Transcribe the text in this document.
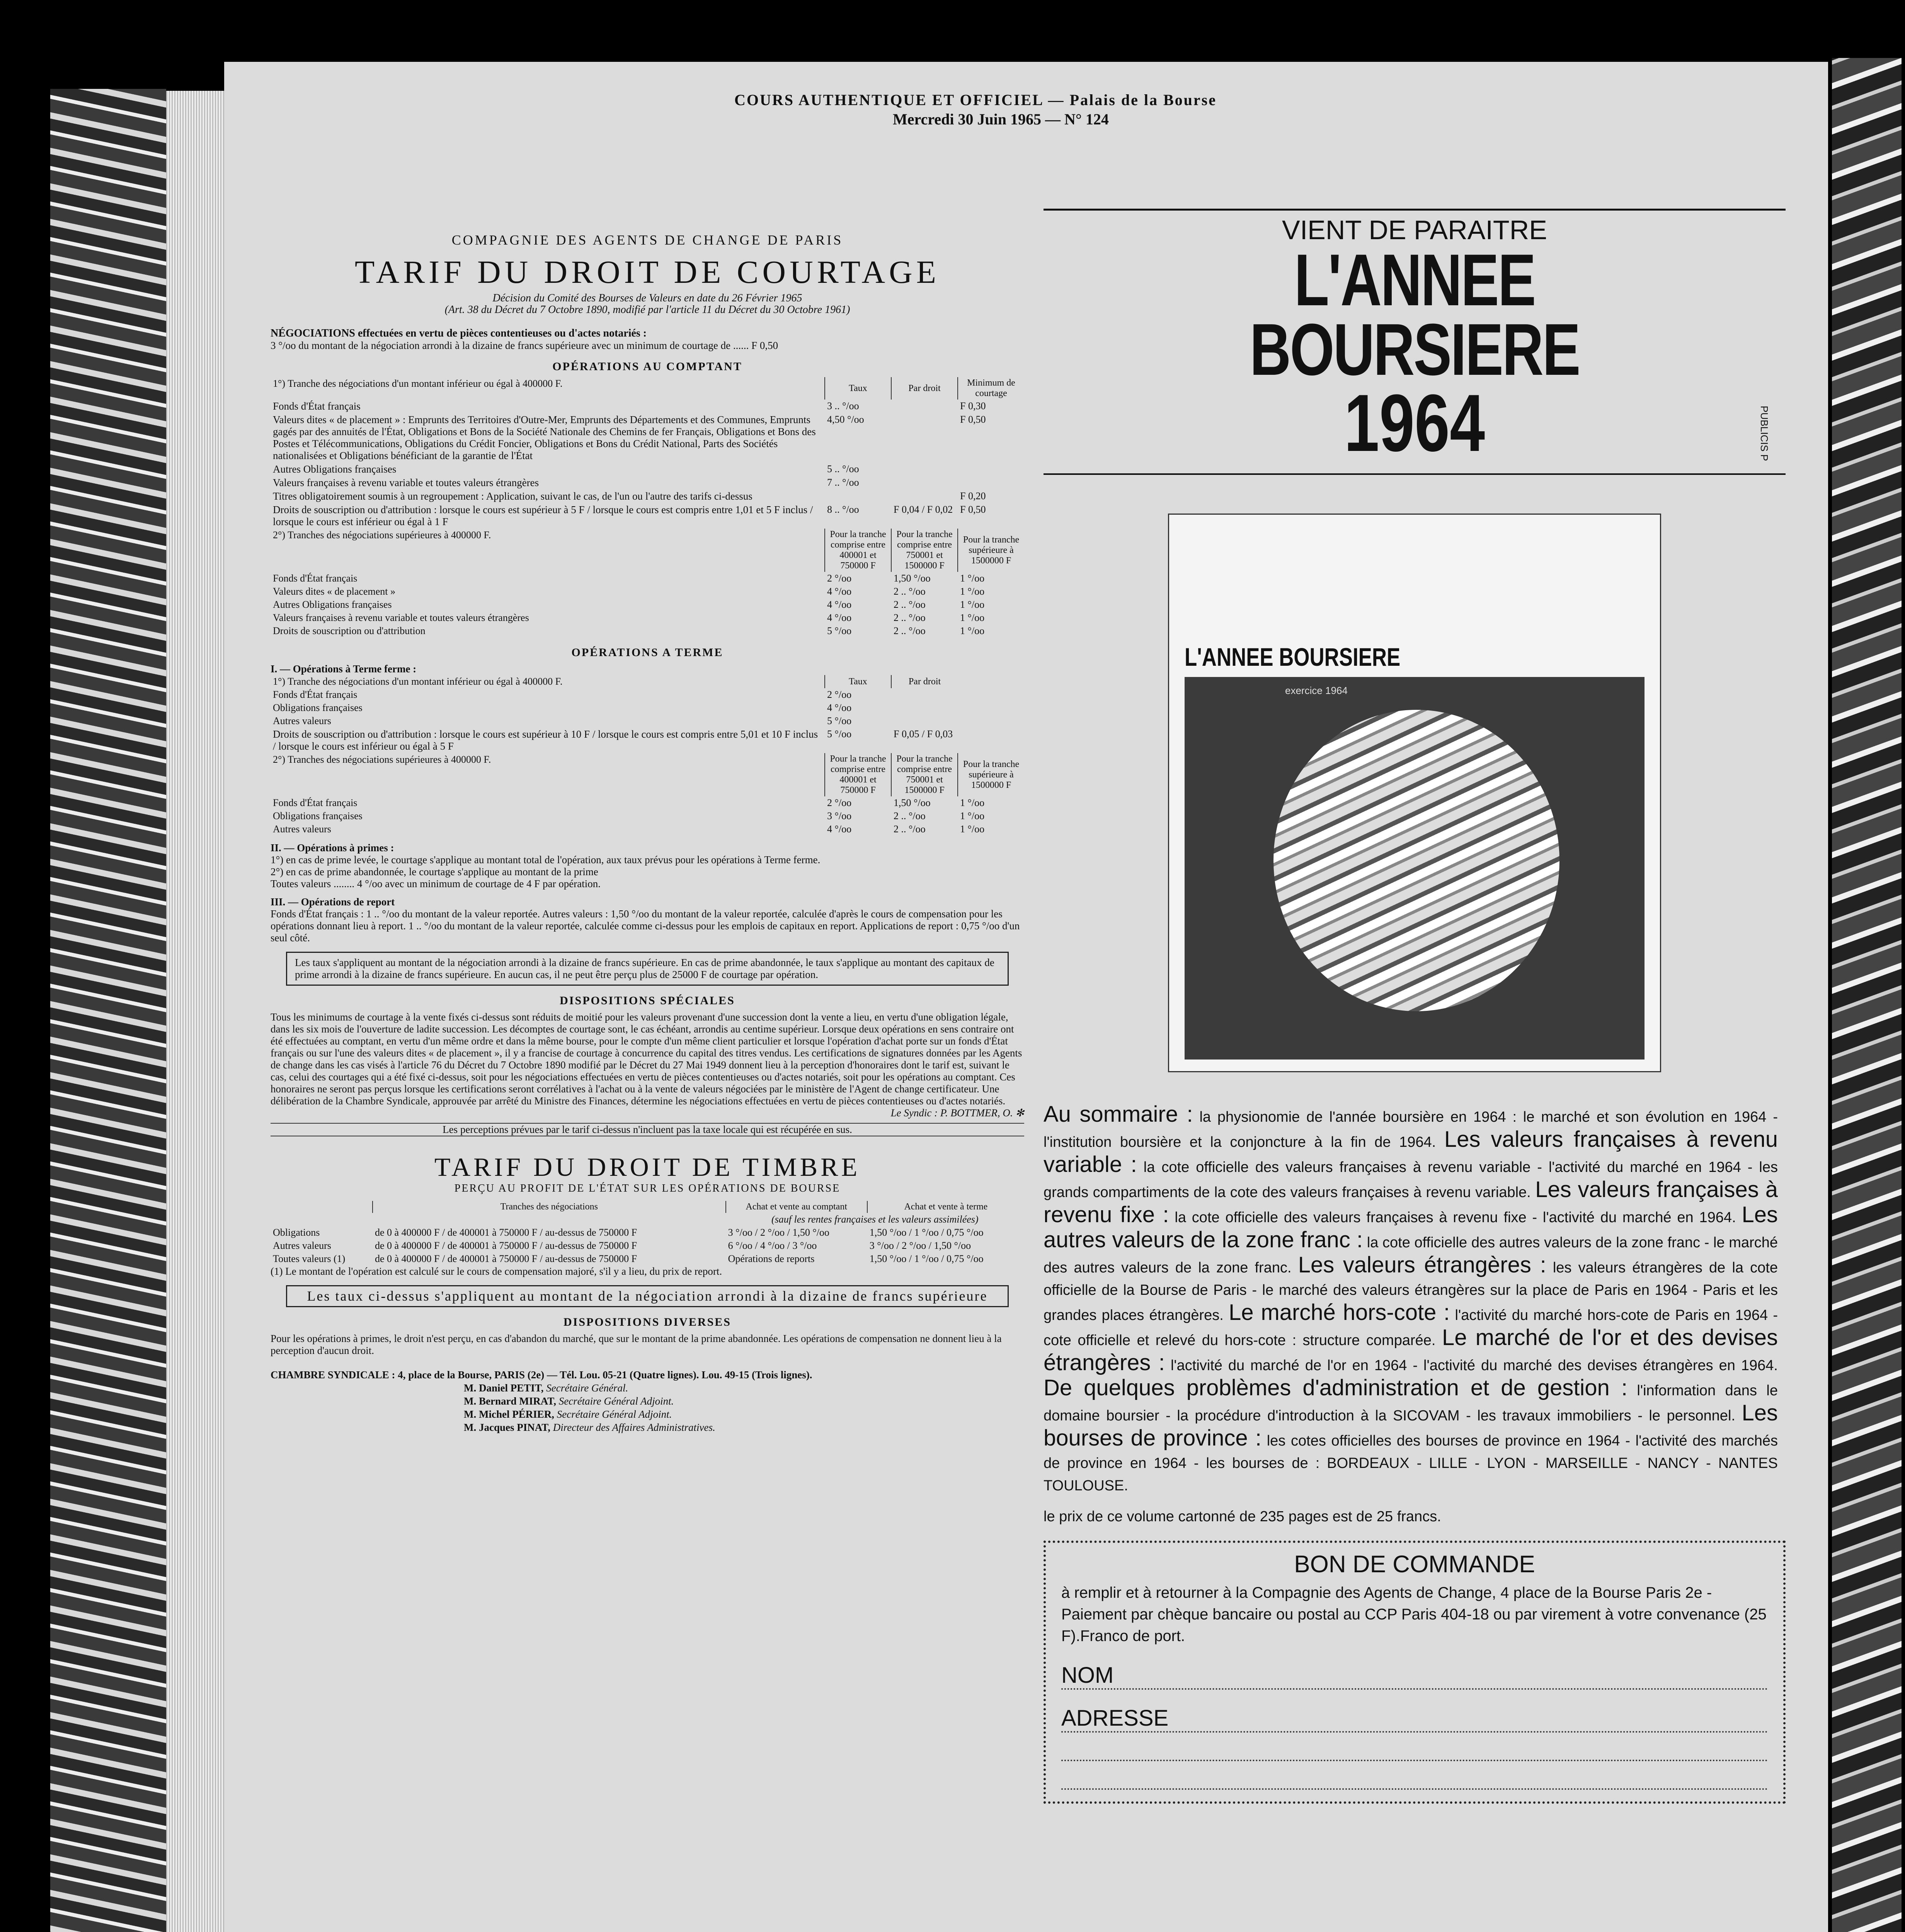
COURS AUTHENTIQUE ET OFFICIEL — Palais de la Bourse
Mercredi 30 Juin 1965 — N° 124
COMPAGNIE DES AGENTS DE CHANGE DE PARIS
TARIF DU DROIT DE COURTAGE
Décision du Comité des Bourses de Valeurs en date du 26 Février 1965
(Art. 38 du Décret du 7 Octobre 1890, modifié par l'article 11 du Décret du 30 Octobre 1961)
NÉGOCIATIONS effectuées en vertu de pièces contentieuses ou d'actes notariés :
3 °/oo du montant de la négociation arrondi à la dizaine de francs supérieure avec un minimum de courtage de ...... F 0,50
OPÉRATIONS AU COMPTANT
1°) Tranche des négociations d'un montant inférieur ou égal à 400000 F.	Taux	Par droit	Minimum de courtage
Fonds d'État français	3 .. °/oo		F 0,30
Valeurs dites « de placement » : Emprunts des Territoires d'Outre-Mer, Emprunts des Départements et des Communes, Emprunts gagés par des annuités de l'État, Obligations et Bons de la Société Nationale des Chemins de fer Français, Obligations et Bons des Postes et Télécommunications, Obligations du Crédit Foncier, Obligations et Bons du Crédit National, Parts des Sociétés nationalisées et Obligations bénéficiant de la garantie de l'État	4,50 °/oo		F 0,50
Autres Obligations françaises	5 .. °/oo		
Valeurs françaises à revenu variable et toutes valeurs étrangères	7 .. °/oo		
Titres obligatoirement soumis à un regroupement : Application, suivant le cas, de l'un ou l'autre des tarifs ci-dessus			F 0,20
Droits de souscription ou d'attribution : lorsque le cours est supérieur à 5 F / lorsque le cours est compris entre 1,01 et 5 F inclus / lorsque le cours est inférieur ou égal à 1 F	8 .. °/oo	F 0,04 / F 0,02	F 0,50
2°) Tranches des négociations supérieures à 400000 F.	Pour la tranche comprise entre 400001 et 750000 F	Pour la tranche comprise entre 750001 et 1500000 F	Pour la tranche supérieure à 1500000 F
Fonds d'État français	2 °/oo	1,50 °/oo	1 °/oo
Valeurs dites « de placement »	4 °/oo	2 .. °/oo	1 °/oo
Autres Obligations françaises	4 °/oo	2 .. °/oo	1 °/oo
Valeurs françaises à revenu variable et toutes valeurs étrangères	4 °/oo	2 .. °/oo	1 °/oo
Droits de souscription ou d'attribution	5 °/oo	2 .. °/oo	1 °/oo
OPÉRATIONS A TERME
I. — Opérations à Terme ferme :
1°) Tranche des négociations d'un montant inférieur ou égal à 400000 F.	Taux	Par droit	
Fonds d'État français	2 °/oo		
Obligations françaises	4 °/oo		
Autres valeurs	5 °/oo		
Droits de souscription ou d'attribution : lorsque le cours est supérieur à 10 F / lorsque le cours est compris entre 5,01 et 10 F inclus / lorsque le cours est inférieur ou égal à 5 F	5 °/oo	F 0,05 / F 0,03	
2°) Tranches des négociations supérieures à 400000 F.	Pour la tranche comprise entre 400001 et 750000 F	Pour la tranche comprise entre 750001 et 1500000 F	Pour la tranche supérieure à 1500000 F
Fonds d'État français	2 °/oo	1,50 °/oo	1 °/oo
Obligations françaises	3 °/oo	2 .. °/oo	1 °/oo
Autres valeurs	4 °/oo	2 .. °/oo	1 °/oo
II. — Opérations à primes :
1°) en cas de prime levée, le courtage s'applique au montant total de l'opération, aux taux prévus pour les opérations à Terme ferme.
2°) en cas de prime abandonnée, le courtage s'applique au montant de la prime
Toutes valeurs ........ 4 °/oo avec un minimum de courtage de 4 F par opération.
III. — Opérations de report
Fonds d'État français : 1 .. °/oo du montant de la valeur reportée. Autres valeurs : 1,50 °/oo du montant de la valeur reportée, calculée d'après le cours de compensation pour les opérations donnant lieu à report. 1 .. °/oo du montant de la valeur reportée, calculée comme ci-dessus pour les emplois de capitaux en report. Applications de report : 0,75 °/oo d'un seul côté.
Les taux s'appliquent au montant de la négociation arrondi à la dizaine de francs supérieure. En cas de prime abandonnée, le taux s'applique au montant des capitaux de prime arrondi à la dizaine de francs supérieure. En aucun cas, il ne peut être perçu plus de 25000 F de courtage par opération.
DISPOSITIONS SPÉCIALES
Tous les minimums de courtage à la vente fixés ci-dessus sont réduits de moitié pour les valeurs provenant d'une succession dont la vente a lieu, en vertu d'une obligation légale, dans les six mois de l'ouverture de ladite succession. Les décomptes de courtage sont, le cas échéant, arrondis au centime supérieur. Lorsque deux opérations en sens contraire ont été effectuées au comptant, en vertu d'un même ordre et dans la même bourse, pour le compte d'un même client particulier et lorsque l'opération d'achat porte sur un fonds d'État français ou sur l'une des valeurs dites « de placement », il y a francise de courtage à concurrence du capital des titres vendus. Les certifications de signatures données par les Agents de change dans les cas visés à l'article 76 du Décret du 7 Octobre 1890 modifié par le Décret du 27 Mai 1949 donnent lieu à la perception d'honoraires dont le tarif est, suivant le cas, celui des courtages qui a été fixé ci-dessus, soit pour les négociations effectuées en vertu de pièces contentieuses ou d'actes notariés, soit pour les opérations au comptant. Ces honoraires ne seront pas perçus lorsque les certifications seront corrélatives à l'achat ou à la vente de valeurs négociées par le ministère de l'Agent de change certificateur. Une délibération de la Chambre Syndicale, approuvée par arrêté du Ministre des Finances, détermine les négociations effectuées en vertu de pièces contentieuses ou d'actes notariés.
Le Syndic : P. BOTTMER, O. ✻
Les perceptions prévues par le tarif ci-dessus n'incluent pas la taxe locale qui est récupérée en sus.
TARIF DU DROIT DE TIMBRE
PERÇU AU PROFIT DE L'ÉTAT SUR LES OPÉRATIONS DE BOURSE
	Tranches des négociations	Achat et vente au comptant	Achat et vente à terme
		(sauf les rentes françaises et les valeurs assimilées)	
Obligations	de 0 à 400000 F / de 400001 à 750000 F / au-dessus de 750000 F	3 °/oo / 2 °/oo / 1,50 °/oo	1,50 °/oo / 1 °/oo / 0,75 °/oo
Autres valeurs	de 0 à 400000 F / de 400001 à 750000 F / au-dessus de 750000 F	6 °/oo / 4 °/oo / 3 °/oo	3 °/oo / 2 °/oo / 1,50 °/oo
Toutes valeurs (1)	de 0 à 400000 F / de 400001 à 750000 F / au-dessus de 750000 F	Opérations de reports	1,50 °/oo / 1 °/oo / 0,75 °/oo
(1) Le montant de l'opération est calculé sur le cours de compensation majoré, s'il y a lieu, du prix de report.
Les taux ci-dessus s'appliquent au montant de la négociation arrondi à la dizaine de francs supérieure
DISPOSITIONS DIVERSES
Pour les opérations à primes, le droit n'est perçu, en cas d'abandon du marché, que sur le montant de la prime abandonnée. Les opérations de compensation ne donnent lieu à la perception d'aucun droit.
CHAMBRE SYNDICALE : 4, place de la Bourse, PARIS (2e) — Tél. Lou. 05-21 (Quatre lignes). Lou. 49-15 (Trois lignes).
M. Daniel PETIT, Secrétaire Général.
M. Bernard MIRAT, Secrétaire Général Adjoint.
M. Michel PÉRIER, Secrétaire Général Adjoint.
M. Jacques PINAT, Directeur des Affaires Administratives.
VIENT DE PARAITRE
L'ANNEE BOURSIERE
1964
L'ANNEE BOURSIERE
exercice 1964
Au sommaire : la physionomie de l'année boursière en 1964 : le marché et son évolution en 1964 - l'institution boursière et la conjoncture à la fin de 1964. Les valeurs françaises à revenu variable : la cote officielle des valeurs françaises à revenu variable - l'activité du marché en 1964 - les grands compartiments de la cote des valeurs françaises à revenu variable. Les valeurs françaises à revenu fixe : la cote officielle des valeurs françaises à revenu fixe - l'activité du marché en 1964. Les autres valeurs de la zone franc : la cote officielle des autres valeurs de la zone franc - le marché des autres valeurs de la zone franc. Les valeurs étrangères : les valeurs étrangères de la cote officielle de la Bourse de Paris - le marché des valeurs étrangères sur la place de Paris en 1964 - Paris et les grandes places étrangères. Le marché hors-cote : l'activité du marché hors-cote de Paris en 1964 - cote officielle et relevé du hors-cote : structure comparée. Le marché de l'or et des devises étrangères : l'activité du marché de l'or en 1964 - l'activité du marché des devises étrangères en 1964. De quelques problèmes d'administration et de gestion : l'information dans le domaine boursier - la procédure d'introduction à la SICOVAM - les travaux immobiliers - le personnel. Les bourses de province : les cotes officielles des bourses de province en 1964 - l'activité des marchés de province en 1964 - les bourses de : BORDEAUX - LILLE - LYON - MARSEILLE - NANCY - NANTES TOULOUSE.
le prix de ce volume cartonné de 235 pages est de 25 francs.
BON DE COMMANDE
à remplir et à retourner à la Compagnie des Agents de Change, 4 place de la Bourse Paris 2e - Paiement par chèque bancaire ou postal au CCP Paris 404-18 ou par virement à votre convenance (25 F).Franco de port.
NOM
ADRESSE
PUBLICIS P
